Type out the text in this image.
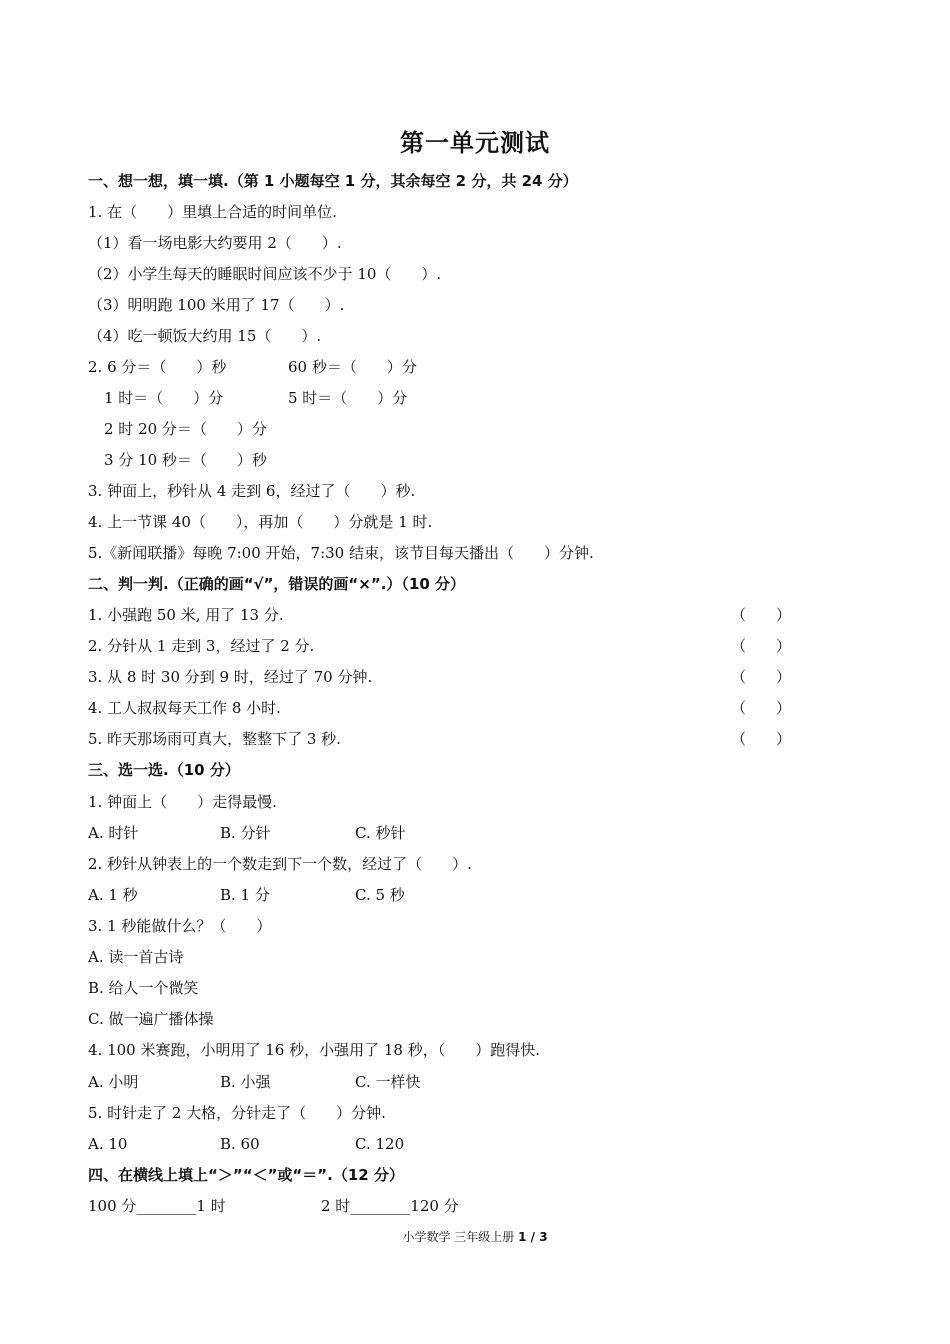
第一单元测试
一、想一想，填一填.（第 1 小题每空 1 分，其余每空 2 分，共 24 分）
1. 在（　　）里填上合适的时间单位.
（1）看一场电影大约要用 2（　　）.
（2）小学生每天的睡眠时间应该不少于 10（　　）.
（3）明明跑 100 米用了 17（　　）.
（4）吃一顿饭大约用 15（　　）.
2. 6 分＝（　　）秒	60 秒＝（　　）分
1 时＝（　　）分	5 时＝（　　）分
2 时 20 分＝（　　）分
3 分 10 秒＝（　　）秒
3. 钟面上，秒针从 4 走到 6，经过了（　　）秒.
4. 上一节课 40（　　），再加（　　）分就是 1 时.
5.《新闻联播》每晚 7:00 开始，7:30 结束，该节目每天播出（　　）分钟.
二、判一判.（正确的画“√”，错误的画“×”.）（10 分）
1. 小强跑 50 米, 用了 13 分.	（　　）
2. 分针从 1 走到 3，经过了 2 分.	（　　）
3. 从 8 时 30 分到 9 时，经过了 70 分钟.	（　　）
4. 工人叔叔每天工作 8 小时.	（　　）
5. 昨天那场雨可真大，整整下了 3 秒.	（　　）
三、选一选.（10 分）
1. 钟面上（　　）走得最慢.
A. 时针	B. 分针	C. 秒针
2. 秒针从钟表上的一个数走到下一个数，经过了（　　）.
A. 1 秒	B. 1 分	C. 5 秒
3. 1 秒能做什么？（　　）
A. 读一首古诗
B. 给人一个微笑
C. 做一遍广播体操
4. 100 米赛跑，小明用了 16 秒，小强用了 18 秒，（　　）跑得快.
A. 小明	B. 小强	C. 一样快
5. 时针走了 2 大格，分针走了（　　）分钟.
A. 10	B. 60	C. 120
四、在横线上填上“＞”“＜”或“＝”.（12 分）
100 分________1 时	2 时________120 分
小学数学 三年级上册 1 / 3
